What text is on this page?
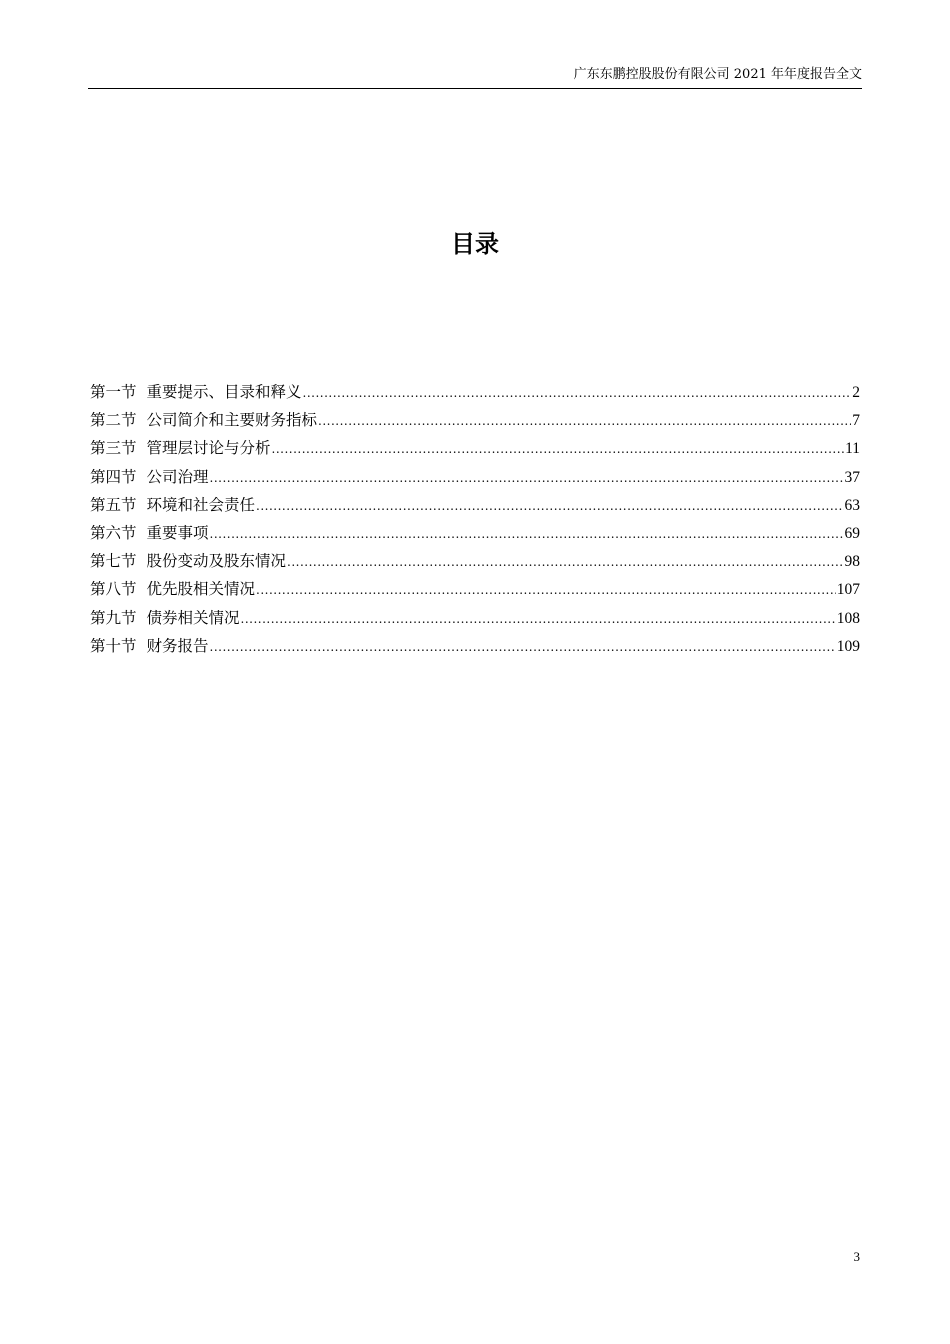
广东东鹏控股股份有限公司 2021 年年度报告全文
目录
第一节 重要提示、目录和释义 .....	2
第二节 公司简介和主要财务指标 .....	7
第三节 管理层讨论与分析 .....	11
第四节 公司治理 .....	37
第五节 环境和社会责任 .....	63
第六节 重要事项 .....	69
第七节 股份变动及股东情况 .....	98
第八节 优先股相关情况 .....	107
第九节 债券相关情况 .....	108
第十节 财务报告 .....	109
3
